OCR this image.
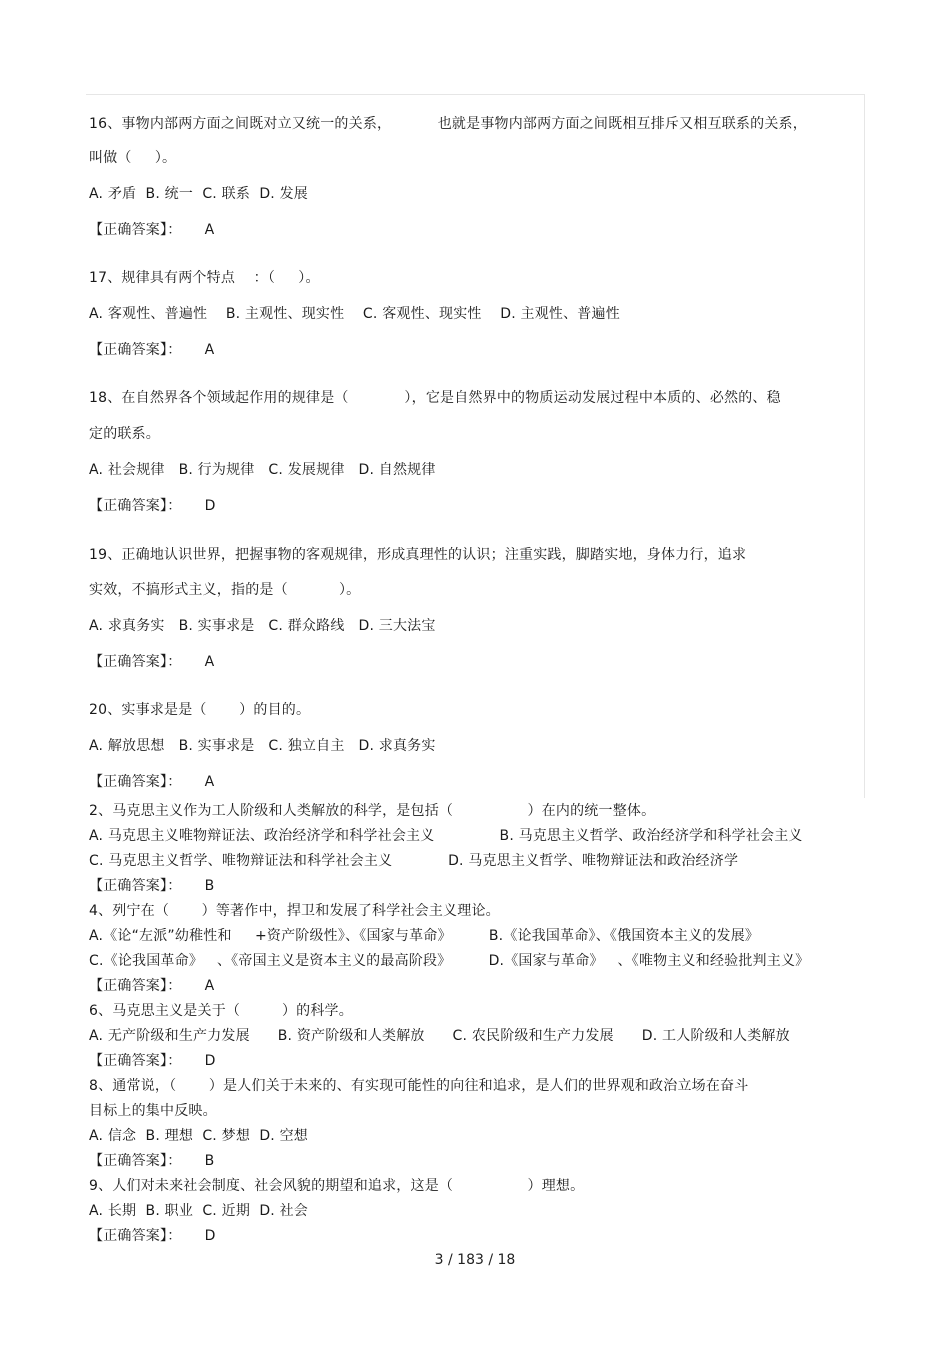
16、事物内部两方面之间既对立又统一的关系，          也就是事物内部两方面之间既相互排斥又相互联系的关系，
叫做（     ）。
A. 矛盾  B. 统一  C. 联系  D. 发展
【正确答案】：     A
17、规律具有两个特点    ：（     ）。
A. 客观性、普遍性    B. 主观性、现实性    C. 客观性、现实性    D. 主观性、普遍性
【正确答案】：     A
18、在自然界各个领域起作用的规律是（            ），它是自然界中的物质运动发展过程中本质的、必然的、稳
定的联系。
A. 社会规律   B. 行为规律   C. 发展规律   D. 自然规律
【正确答案】：     D
19、正确地认识世界，把握事物的客观规律，形成真理性的认识；注重实践，脚踏实地，身体力行，追求
实效，不搞形式主义，指的是（           ）。
A. 求真务实   B. 实事求是   C. 群众路线   D. 三大法宝
【正确答案】：     A
20、实事求是是（       ）的目的。
A. 解放思想   B. 实事求是   C. 独立自主   D. 求真务实
【正确答案】：     A
2、马克思主义作为工人阶级和人类解放的科学，是包括（                ）在内的统一整体。
A. 马克思主义唯物辩证法、政治经济学和科学社会主义              B. 马克思主义哲学、政治经济学和科学社会主义
C. 马克思主义哲学、唯物辩证法和科学社会主义            D. 马克思主义哲学、唯物辩证法和政治经济学
【正确答案】：     B
4、列宁在（       ）等著作中，捍卫和发展了科学社会主义理论。
A.《论“左派”幼稚性和     +资产阶级性》、《国家与革命》        B.《论我国革命》、《俄国资本主义的发展》
C.《论我国革命》   、《帝国主义是资本主义的最高阶段》        D.《国家与革命》   、《唯物主义和经验批判主义》
【正确答案】：     A
6、马克思主义是关于（         ）的科学。
A. 无产阶级和生产力发展      B. 资产阶级和人类解放      C. 农民阶级和生产力发展      D. 工人阶级和人类解放
【正确答案】：     D
8、通常说，（       ）是人们关于未来的、有实现可能性的向往和追求，是人们的世界观和政治立场在奋斗
目标上的集中反映。
A. 信念  B. 理想  C. 梦想  D. 空想
【正确答案】：     B
9、人们对未来社会制度、社会风貌的期望和追求，这是（                ）理想。
A. 长期  B. 职业  C. 近期  D. 社会
【正确答案】：     D
3 / 183 / 18
